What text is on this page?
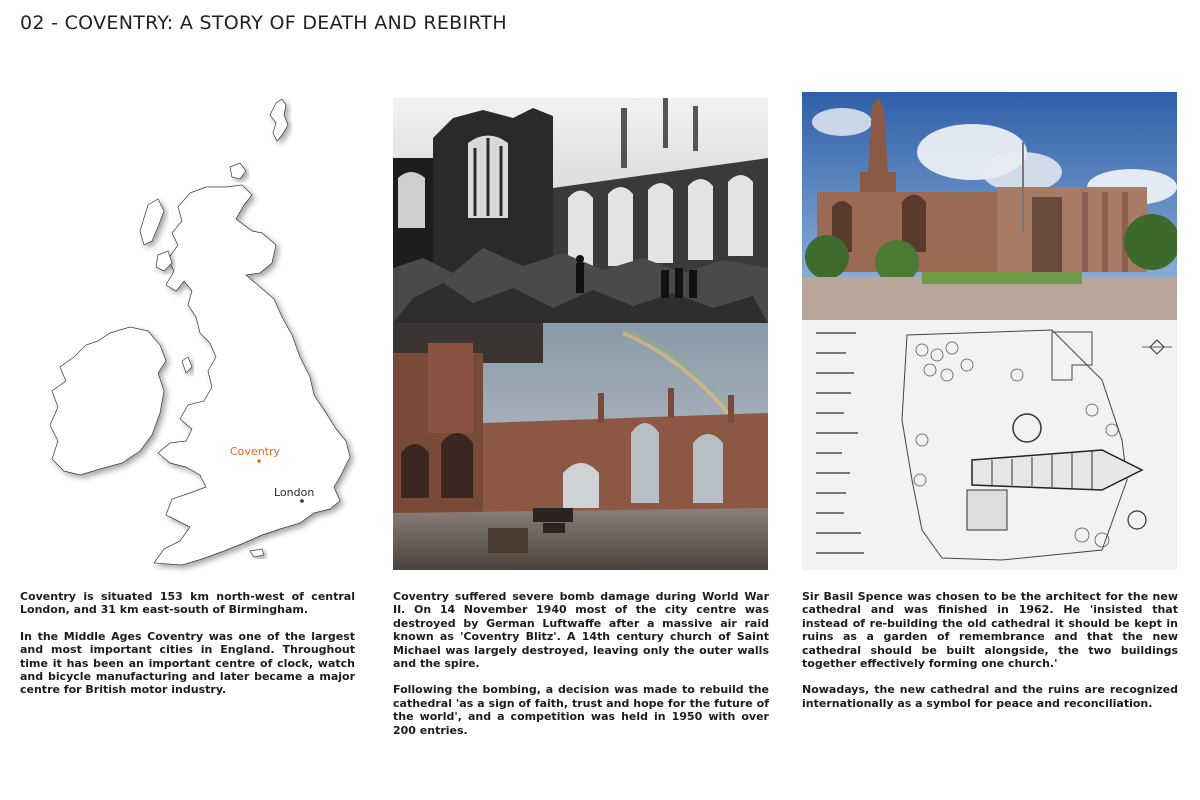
02 - COVENTRY: A STORY OF DEATH AND REBIRTH
Coventry
London

Coventry is situated 153 km north-west of central London, and 31 km east-south of Birmingham.

In the Middle Ages Coventry was one of the largest and most important cities in England. Throughout time it has been an important centre of clock, watch and bicycle manufacturing and later became a major centre for British motor industry.

Coventry suffered severe bomb damage during World War II. On 14 November 1940 most of the city centre was destroyed by German Luftwaffe after a massive air raid known as 'Coventry Blitz'. A 14th century church of Saint Michael was largely destroyed, leaving only the outer walls and the spire.

Following the bombing, a decision was made to rebuild the cathedral 'as a sign of faith, trust and hope for the future of the world', and a competition was held in 1950 with over 200 entries.

Sir Basil Spence was chosen to be the architect for the new cathedral and was finished in 1962. He 'insisted that instead of re-building the old cathedral it should be kept in ruins as a garden of remembrance and that the new cathedral should be built alongside, the two buildings together effectively forming one church.'

Nowadays, the new cathedral and the ruins are recognized internationally as a symbol for peace and reconciliation.
